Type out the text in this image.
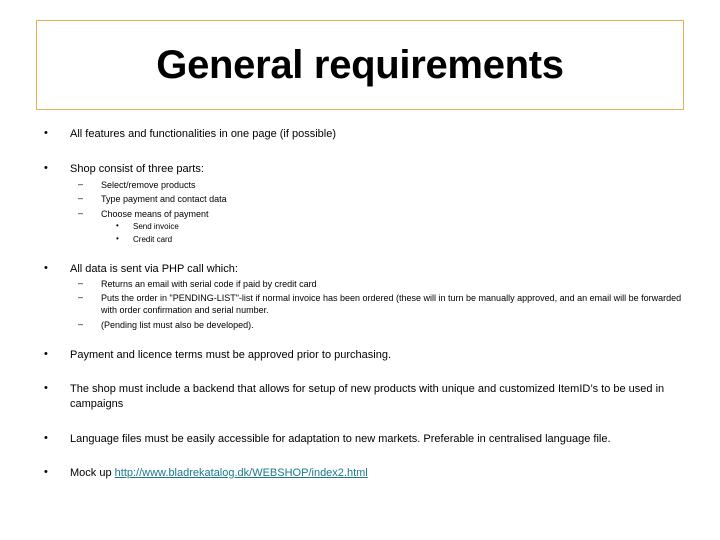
General requirements
• All features and functionalities in one page (if possible)
• Shop consist of three parts:
– Select/remove products
– Type payment and contact data
– Choose means of payment
• Send invoice
• Credit card
• All data is sent via PHP call which:
– Returns an email with serial code if paid by credit card
– Puts the order in "PENDING-LIST"-list if normal invoice has been ordered (these will in turn be manually approved, and an email will be forwarded with order confirmation and serial number.
– (Pending list must also be developed).
• Payment and licence terms must be approved prior to purchasing.
• The shop must include a backend that allows for setup of new products with unique and customized ItemID’s to be used in campaigns
• Language files must be easily accessible for adaptation to new markets. Preferable in centralised language file.
• Mock up http://www.bladrekatalog.dk/WEBSHOP/index2.html
